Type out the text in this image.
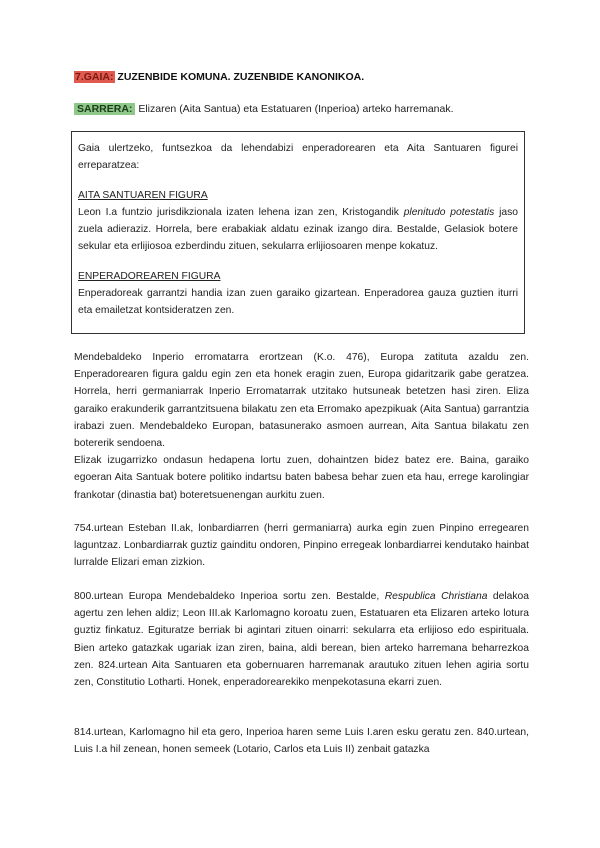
7.GAIA: ZUZENBIDE KOMUNA. ZUZENBIDE KANONIKOA.
SARRERA: Elizaren (Aita Santua) eta Estatuaren (Inperioa) arteko harremanak.

Gaia ulertzeko, funtsezkoa da lehendabizi enperadorearen eta Aita Santuaren figurei erreparatzea:

AITA SANTUAREN FIGURA

Leon I.a funtzio jurisdikzionala izaten lehena izan zen, Kristogandik plenitudo potestatis jaso zuela adieraziz. Horrela, bere erabakiak aldatu ezinak izango dira. Bestalde, Gelasiok botere sekular eta erlijiosoa ezberdindu zituen, sekularra erlijiosoaren menpe kokatuz.

ENPERADOREAREN FIGURA

Enperadoreak garrantzi handia izan zuen garaiko gizartean. Enperadorea gauza guztien iturri eta emailetzat kontsideratzen zen.

Mendebaldeko Inperio erromatarra erortzean (K.o. 476), Europa zatituta azaldu zen. Enperadorearen figura galdu egin zen eta honek eragin zuen, Europa gidaritzarik gabe geratzea. Horrela, herri germaniarrak Inperio Erromatarrak utzitako hutsuneak betetzen hasi ziren. Eliza garaiko erakunderik garrantzitsuena bilakatu zen eta Erromako apezpikuak (Aita Santua) garrantzia irabazi zuen. Mendebaldeko Europan, batasunerako asmoen aurrean, Aita Santua bilakatu zen botererik sendoena.

Elizak izugarrizko ondasun hedapena lortu zuen, dohaintzen bidez batez ere. Baina, garaiko egoeran Aita Santuak botere politiko indartsu baten babesa behar zuen eta hau, errege karolingiar frankotar (dinastia bat) boteretsuenengan aurkitu zuen.

754.urtean Esteban II.ak, lonbardiarren (herri germaniarra) aurka egin zuen Pinpino erregearen laguntzaz. Lonbardiarrak guztiz gainditu ondoren, Pinpino erregeak lonbardiarrei kendutako hainbat lurralde Elizari eman zizkion.

800.urtean Europa Mendebaldeko Inperioa sortu zen. Bestalde, Respublica Christiana delakoa agertu zen lehen aldiz; Leon III.ak Karlomagno koroatu zuen, Estatuaren eta Elizaren arteko lotura guztiz finkatuz. Egituratze berriak bi agintari zituen oinarri: sekularra eta erlijioso edo espirituala. Bien arteko gatazkak ugariak izan ziren, baina, aldi berean, bien arteko harremana beharrezkoa zen. 824.urtean Aita Santuaren eta gobernuaren harremanak arautuko zituen lehen agiria sortu zen, Constitutio Lotharti. Honek, enperadorearekiko menpekotasuna ekarri zuen.

814.urtean, Karlomagno hil eta gero, Inperioa haren seme Luis I.aren esku geratu zen. 840.urtean, Luis I.a hil zenean, honen semeek (Lotario, Carlos eta Luis II) zenbait gatazka
